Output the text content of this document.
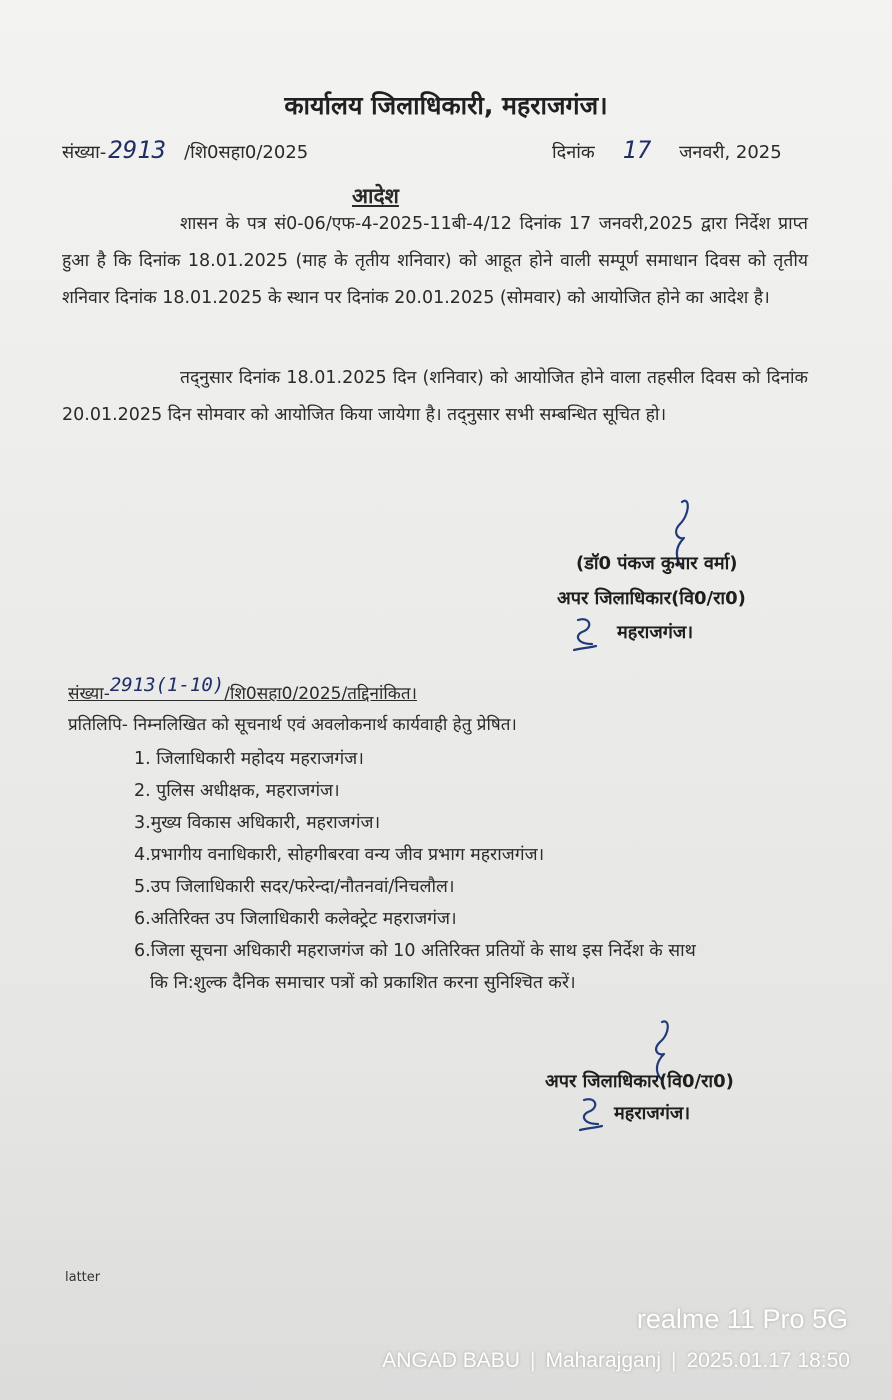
कार्यालय जिलाधिकारी, महराजगंज।
संख्या-2913 /शि0सहा0/2025	दिनांक 17 जनवरी, 2025
आदेश
शासन के पत्र सं0-06/एफ-4-2025-11बी-4/12 दिनांक 17 जनवरी,2025 द्वारा निर्देश प्राप्त हुआ है कि दिनांक 18.01.2025 (माह के तृतीय शनिवार) को आहूत होने वाली सम्पूर्ण समाधान दिवस को तृतीय शनिवार दिनांक 18.01.2025 के स्थान पर दिनांक 20.01.2025 (सोमवार) को आयोजित होने का आदेश है।
तद्नुसार दिनांक 18.01.2025 दिन (शनिवार) को आयोजित होने वाला तहसील दिवस को दिनांक 20.01.2025 दिन सोमवार को आयोजित किया जायेगा है। तद्नुसार सभी सम्बन्धित सूचित हो।
(डॉ0 पंकज कुमार वर्मा)
अपर जिलाधिकार(वि0/रा0)
महराजगंज।
संख्या-2913(1-10)/शि0सहा0/2025/तद्दिनांकित।
प्रतिलिपि- निम्नलिखित को सूचनार्थ एवं अवलोकनार्थ कार्यवाही हेतु प्रेषित।
1. जिलाधिकारी महोदय महराजगंज।
2. पुलिस अधीक्षक, महराजगंज।
3.मुख्य विकास अधिकारी, महराजगंज।
4.प्रभागीय वनाधिकारी, सोहगीबरवा वन्य जीव प्रभाग महराजगंज।
5.उप जिलाधिकारी सदर/फरेन्दा/नौतनवां/निचलौल।
6.अतिरिक्त उप जिलाधिकारी कलेक्ट्रेट महराजगंज।
6.जिला सूचना अधिकारी महराजगंज को 10 अतिरिक्त प्रतियों के साथ इस निर्देश के साथ
कि नि:शुल्क दैनिक समाचार पत्रों को प्रकाशित करना सुनिश्चित करें।
अपर जिलाधिकार(वि0/रा0)
महराजगंज।
latter
realme 11 Pro 5G
ANGAD BABU | Maharajganj | 2025.01.17 18:50
